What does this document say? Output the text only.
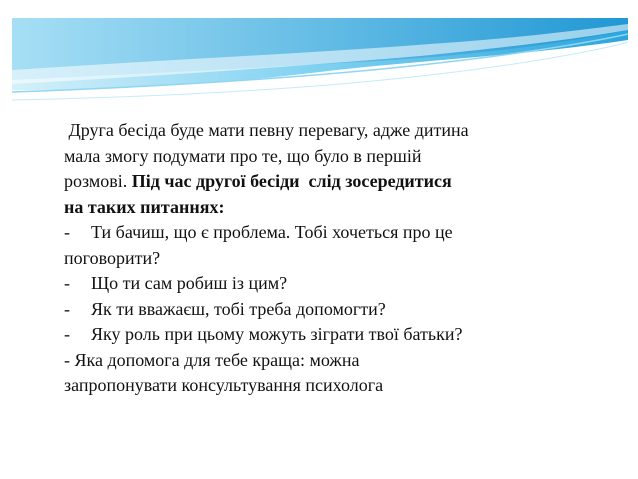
Друга бесіда буде мати певну перевагу, адже дитина
мала змогу подумати про те, що було в першій
розмові. Під час другої бесіди  слід зосередитися
на таких питаннях:
- Ти бачиш, що є проблема. Тобі хочеться про це
поговорити?
- Що ти сам робиш із цим?
- Як ти вважаєш, тобі треба допомогти?
- Яку роль при цьому можуть зіграти твої батьки?
- Яка допомога для тебе краща: можна
запропонувати консультування психолога
